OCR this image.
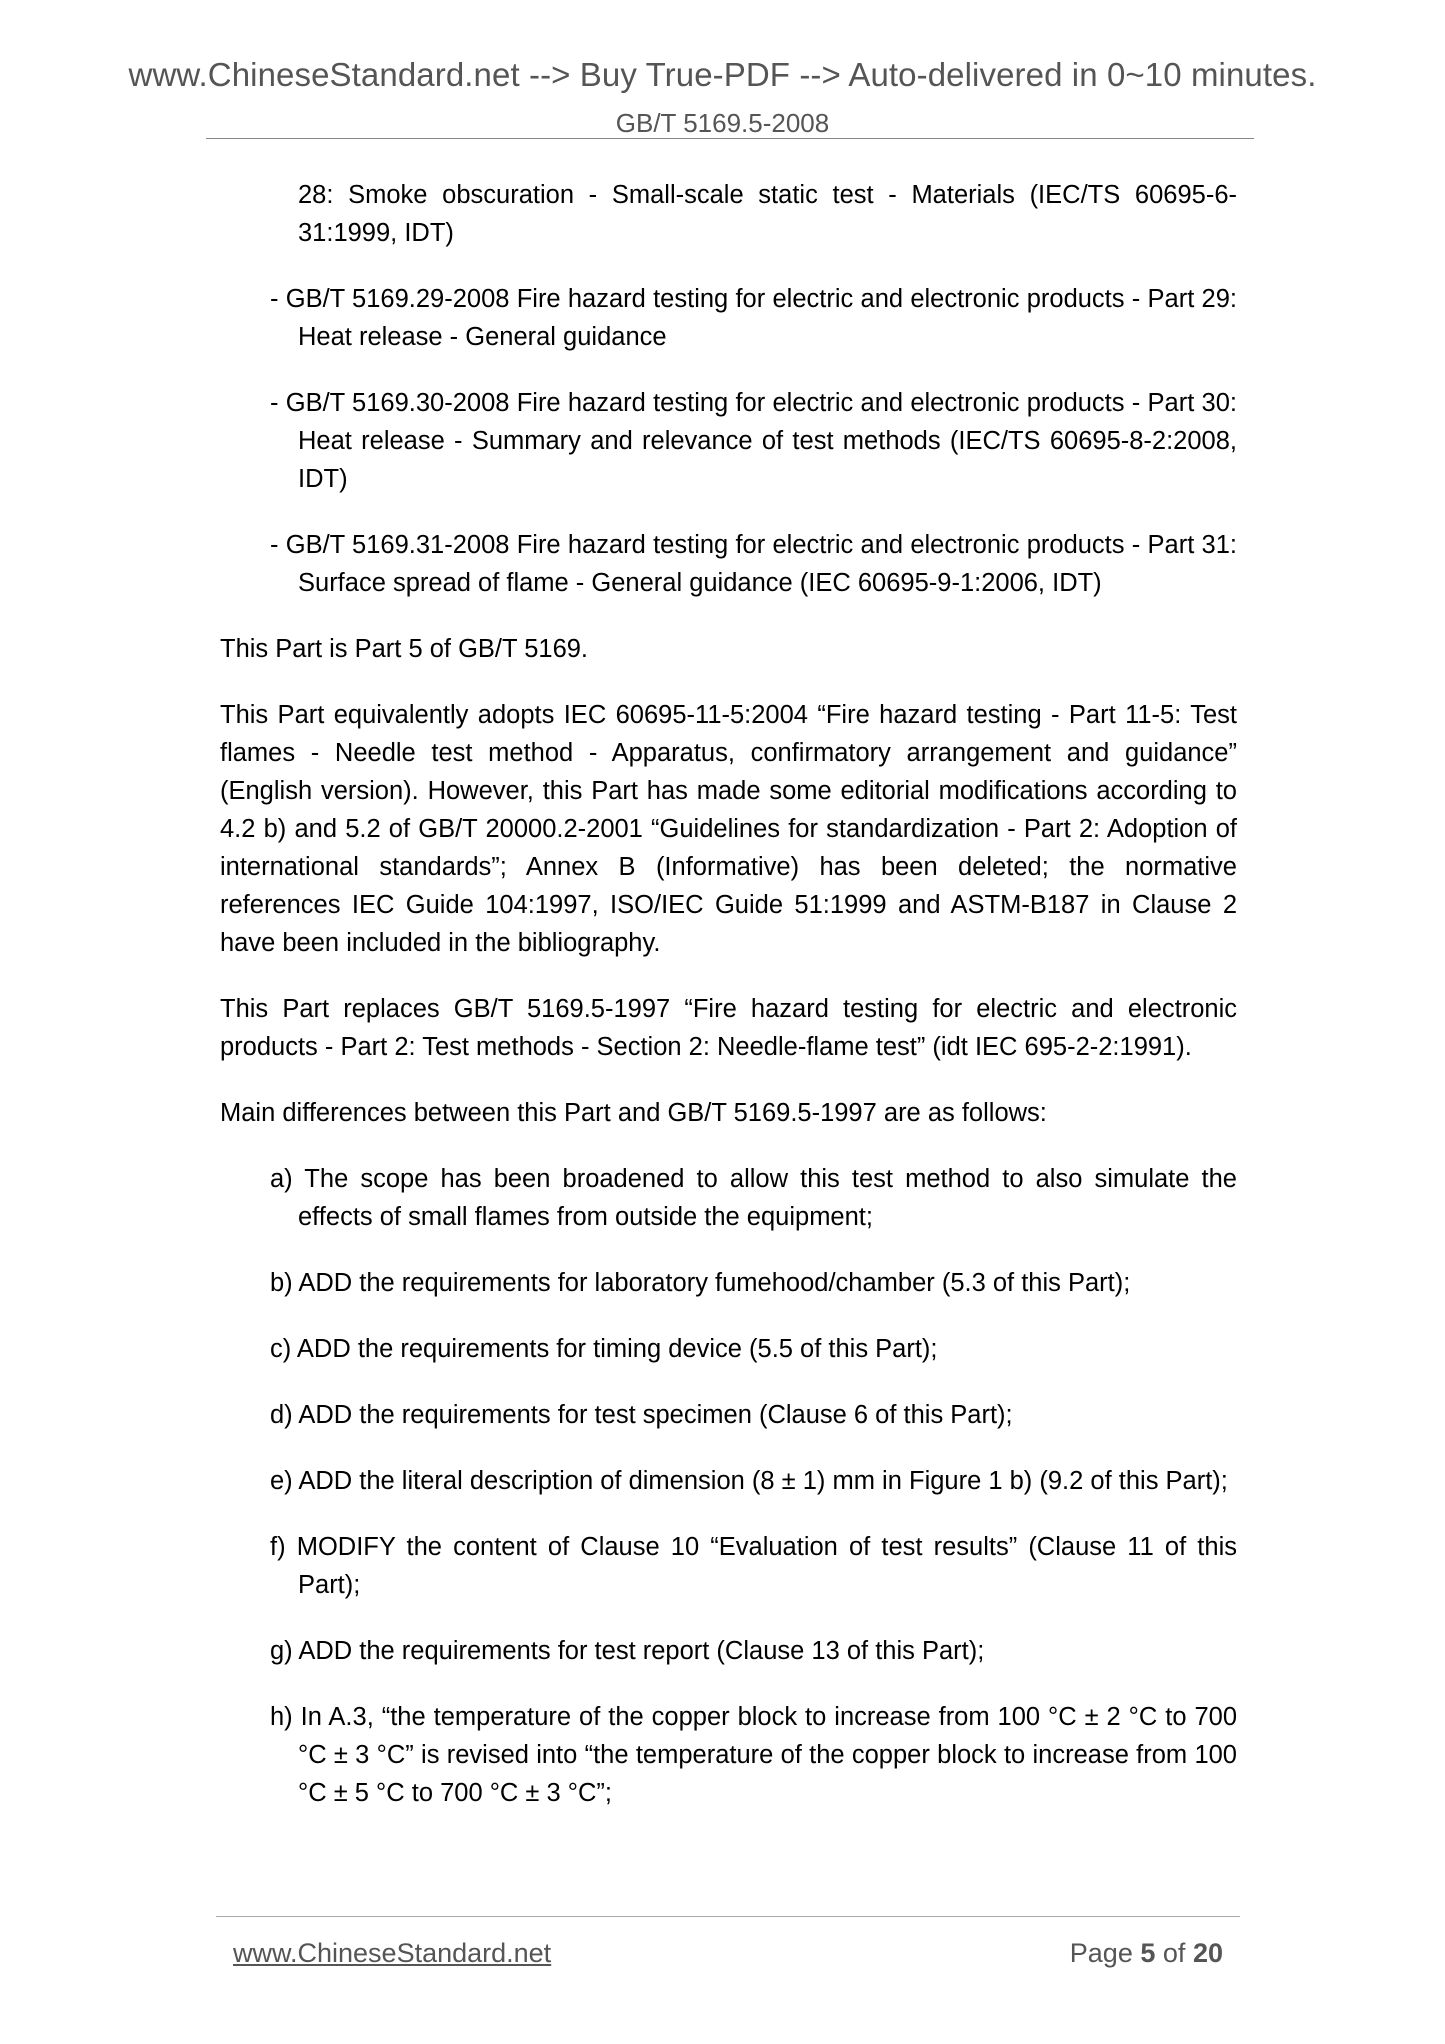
www.ChineseStandard.net --> Buy True-PDF --> Auto-delivered in 0~10 minutes.
GB/T 5169.5-2008
28: Smoke obscuration - Small-scale static test - Materials (IEC/TS 60695-6-31:1999, IDT)
- GB/T 5169.29-2008 Fire hazard testing for electric and electronic products - Part 29: Heat release - General guidance
- GB/T 5169.30-2008 Fire hazard testing for electric and electronic products - Part 30: Heat release - Summary and relevance of test methods (IEC/TS 60695-8-2:2008, IDT)
- GB/T 5169.31-2008 Fire hazard testing for electric and electronic products - Part 31: Surface spread of flame - General guidance (IEC 60695-9-1:2006, IDT)
This Part is Part 5 of GB/T 5169.
This Part equivalently adopts IEC 60695-11-5:2004 “Fire hazard testing - Part 11-5: Test flames - Needle test method - Apparatus, confirmatory arrangement and guidance” (English version). However, this Part has made some editorial modifications according to 4.2 b) and 5.2 of GB/T 20000.2-2001 “Guidelines for standardization - Part 2: Adoption of international standards”; Annex B (Informative) has been deleted; the normative references IEC Guide 104:1997, ISO/IEC Guide 51:1999 and ASTM-B187 in Clause 2 have been included in the bibliography.
This Part replaces GB/T 5169.5-1997 “Fire hazard testing for electric and electronic products - Part 2: Test methods - Section 2: Needle-flame test” (idt IEC 695-2-2:1991).
Main differences between this Part and GB/T 5169.5-1997 are as follows:
a) The scope has been broadened to allow this test method to also simulate the effects of small flames from outside the equipment;
b) ADD the requirements for laboratory fumehood/chamber (5.3 of this Part);
c) ADD the requirements for timing device (5.5 of this Part);
d) ADD the requirements for test specimen (Clause 6 of this Part);
e) ADD the literal description of dimension (8 ± 1) mm in Figure 1 b) (9.2 of this Part);
f) MODIFY the content of Clause 10 “Evaluation of test results” (Clause 11 of this Part);
g) ADD the requirements for test report (Clause 13 of this Part);
h) In A.3, “the temperature of the copper block to increase from 100 °C ± 2 °C to 700 °C ± 3 °C” is revised into “the temperature of the copper block to increase from 100 °C ± 5 °C to 700 °C ± 3 °C”;
www.ChineseStandard.net	Page 5 of 20
